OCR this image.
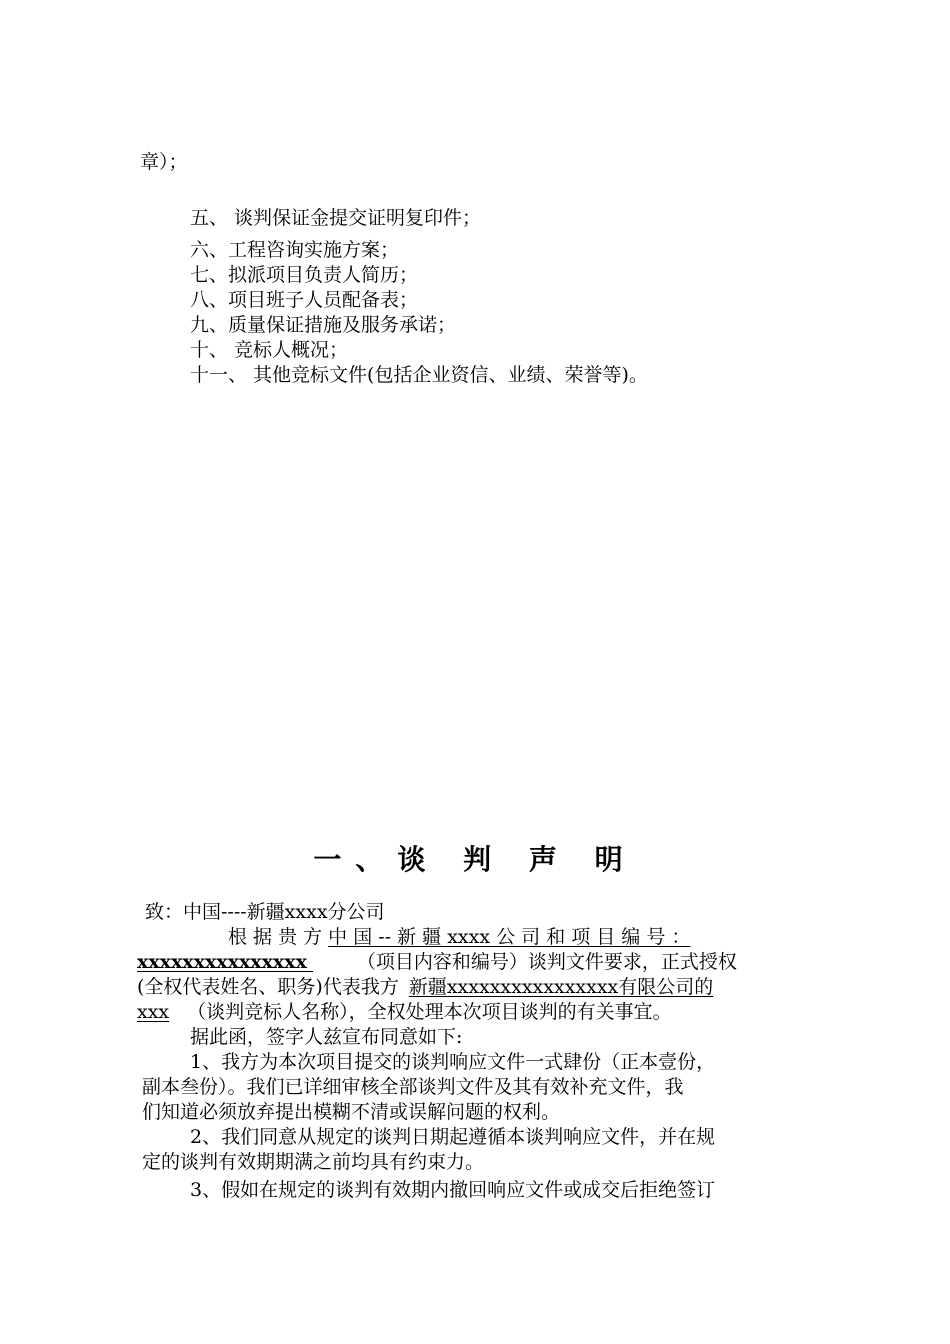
章）；
五、 谈判保证金提交证明复印件；
六、工程咨询实施方案；
七、拟派项目负责人简历；
八、项目班子人员配备表；
九、质量保证措施及服务承诺；
十、 竞标人概况；
十一、 其他竞标文件(包括企业资信、业绩、荣誉等)。
一、谈 判 声 明
致：中国----新疆xxxx分公司
根 据 贵 方 中 国 -- 新 疆 xxxx 公 司 和 项 目 编 号 ：
xxxxxxxxxxxxxxx	（项目内容和编号）谈判文件要求，正式授权
(全权代表姓名、职务)代表我方 新疆xxxxxxxxxxxxxxxx有限公司的
xxx （谈判竞标人名称），全权处理本次项目谈判的有关事宜。
据此函，签字人兹宣布同意如下:
1、我方为本次项目提交的谈判响应文件一式肆份（正本壹份，
副本叁份）。我们已详细审核全部谈判文件及其有效补充文件，我
们知道必须放弃提出模糊不清或误解问题的权利。
2、我们同意从规定的谈判日期起遵循本谈判响应文件，并在规
定的谈判有效期期满之前均具有约束力。
3、假如在规定的谈判有效期内撤回响应文件或成交后拒绝签订
